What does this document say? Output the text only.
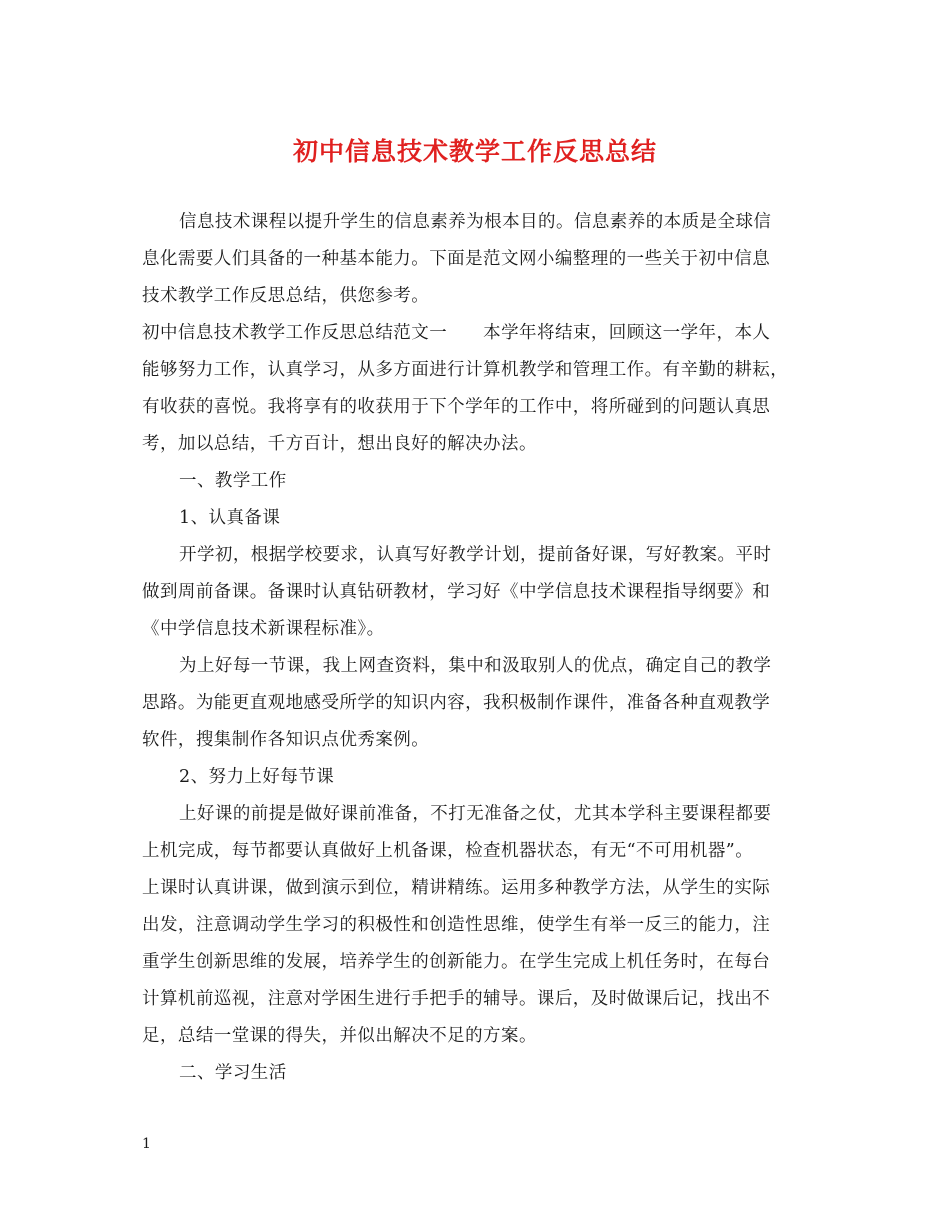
初中信息技术教学工作反思总结
信息技术课程以提升学生的信息素养为根本目的。信息素养的本质是全球信
息化需要人们具备的一种基本能力。下面是范文网小编整理的一些关于初中信息
技术教学工作反思总结，供您参考。
初中信息技术教学工作反思总结范文一 本学年将结束，回顾这一学年，本人
能够努力工作，认真学习，从多方面进行计算机教学和管理工作。有辛勤的耕耘，
有收获的喜悦。我将享有的收获用于下个学年的工作中，将所碰到的问题认真思
考，加以总结，千方百计，想出良好的解决办法。
一、教学工作
1、认真备课
开学初，根据学校要求，认真写好教学计划，提前备好课，写好教案。平时
做到周前备课。备课时认真钻研教材，学习好《中学信息技术课程指导纲要》和
《中学信息技术新课程标准》。
为上好每一节课，我上网查资料，集中和汲取别人的优点，确定自己的教学
思路。为能更直观地感受所学的知识内容，我积极制作课件，准备各种直观教学
软件，搜集制作各知识点优秀案例。
2、努力上好每节课
上好课的前提是做好课前准备，不打无准备之仗，尤其本学科主要课程都要
上机完成，每节都要认真做好上机备课，检查机器状态，有无“不可用机器”。
上课时认真讲课，做到演示到位，精讲精练。运用多种教学方法，从学生的实际
出发，注意调动学生学习的积极性和创造性思维，使学生有举一反三的能力，注
重学生创新思维的发展，培养学生的创新能力。在学生完成上机任务时，在每台
计算机前巡视，注意对学困生进行手把手的辅导。课后，及时做课后记，找出不
足，总结一堂课的得失，并似出解决不足的方案。
二、学习生活
1
